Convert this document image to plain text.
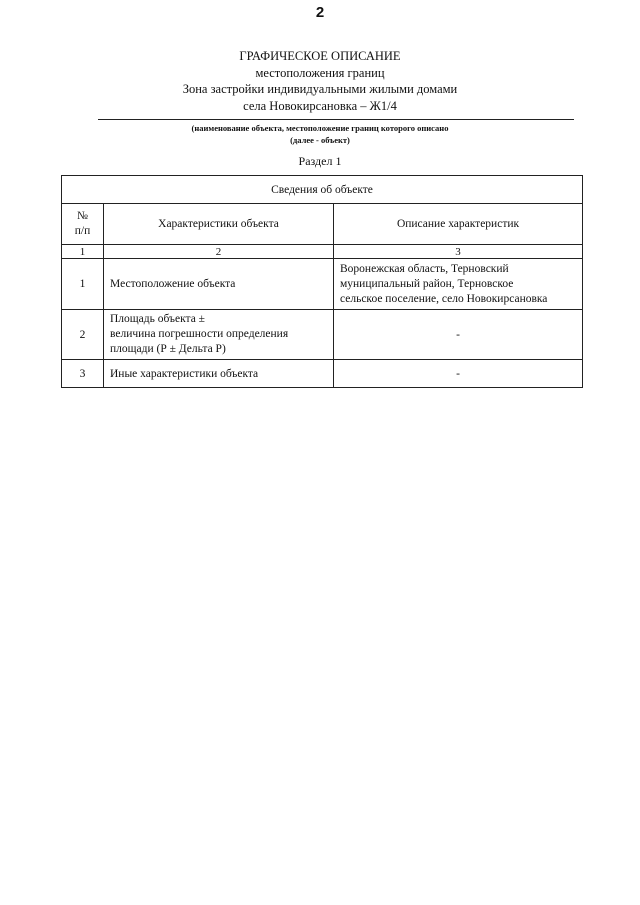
2
ГРАФИЧЕСКОЕ ОПИСАНИЕ
местоположения границ
Зона застройки индивидуальными жилыми домами
села Новокирсановка – Ж1/4
(наименование объекта, местоположение границ которого описано
(далее - объект)
Раздел 1
Сведения об объекте		

№
п/п	Характеристики объекта	Описание характеристик
1	2	3
1	Местоположение объекта	Воронежская область, Терновский
муниципальный район, Терновское
сельское поселение, село Новокирсановка

2	Площадь объекта ±
величина погрешности определения
площади (Р ± Дельта Р)	-
3	Иные характеристики объекта	-
